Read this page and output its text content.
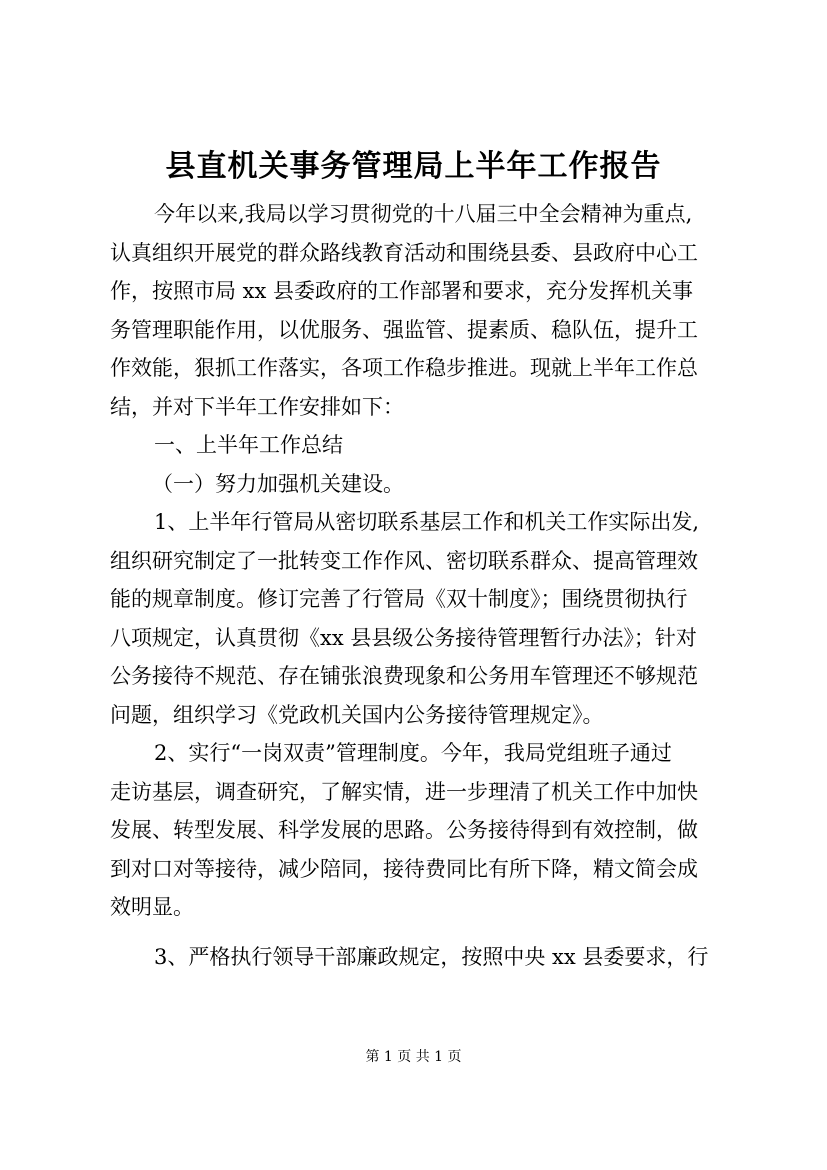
县直机关事务管理局上半年工作报告

今年以来,我局以学习贯彻党的十八届三中全会精神为重点,

认真组织开展党的群众路线教育活动和围绕县委、县政府中心工

作，按照市局 xx 县委政府的工作部署和要求，充分发挥机关事

务管理职能作用，以优服务、强监管、提素质、稳队伍，提升工

作效能，狠抓工作落实，各项工作稳步推进。现就上半年工作总

结，并对下半年工作安排如下：

一、上半年工作总结

（一）努力加强机关建设。

1、上半年行管局从密切联系基层工作和机关工作实际出发,

组织研究制定了一批转变工作作风、密切联系群众、提高管理效

能的规章制度。修订完善了行管局《双十制度》；围绕贯彻执行

八项规定，认真贯彻《xx 县县级公务接待管理暂行办法》；针对

公务接待不规范、存在铺张浪费现象和公务用车管理还不够规范

问题，组织学习《党政机关国内公务接待管理规定》。

2、实行“一岗双责”管理制度。今年，我局党组班子通过

走访基层，调查研究，了解实情，进一步理清了机关工作中加快

发展、转型发展、科学发展的思路。公务接待得到有效控制，做

到对口对等接待，减少陪同，接待费同比有所下降，精文简会成

效明显。

3、严格执行领导干部廉政规定，按照中央 xx 县委要求，行

第 1 页 共 1 页
